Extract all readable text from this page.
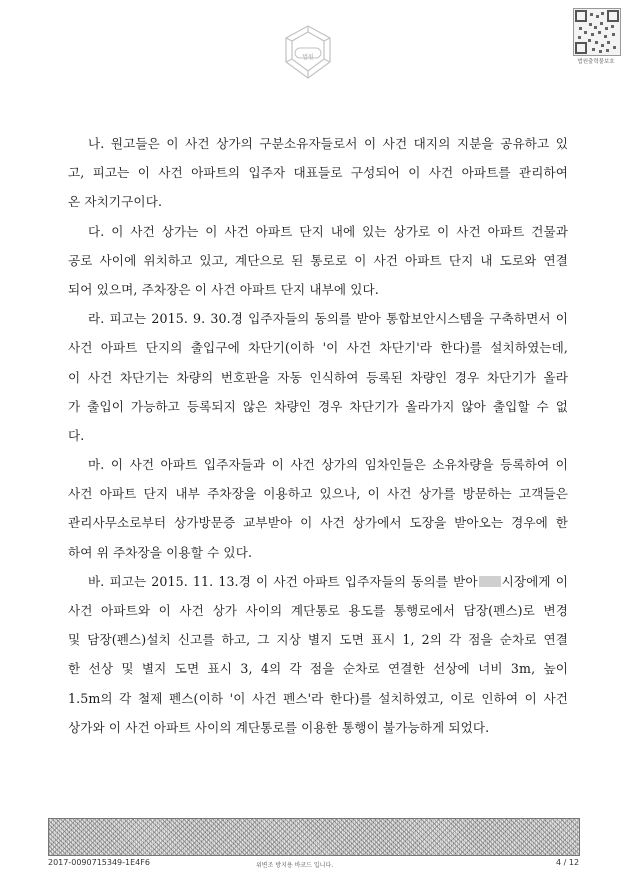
법원
법원출력물보호
나. 원고들은 이 사건 상가의 구분소유자들로서 이 사건 대지의 지분을 공유하고 있
고, 피고는 이 사건 아파트의 입주자 대표들로 구성되어 이 사건 아파트를 관리하여
온 자치기구이다.
다. 이 사건 상가는 이 사건 아파트 단지 내에 있는 상가로 이 사건 아파트 건물과
공로 사이에 위치하고 있고, 계단으로 된 통로로 이 사건 아파트 단지 내 도로와 연결
되어 있으며, 주차장은 이 사건 아파트 단지 내부에 있다.
라. 피고는 2015. 9. 30.경 입주자들의 동의를 받아 통합보안시스템을 구축하면서 이
사건 아파트 단지의 출입구에 차단기(이하 '이 사건 차단기'라 한다)를 설치하였는데,
이 사건 차단기는 차량의 번호판을 자동 인식하여 등록된 차량인 경우 차단기가 올라
가 출입이 가능하고 등록되지 않은 차량인 경우 차단기가 올라가지 않아 출입할 수 없
다.
마. 이 사건 아파트 입주자들과 이 사건 상가의 임차인들은 소유차량을 등록하여 이
사건 아파트 단지 내부 주차장을 이용하고 있으나, 이 사건 상가를 방문하는 고객들은
관리사무소로부터 상가방문증 교부받아 이 사건 상가에서 도장을 받아오는 경우에 한
하여 위 주차장을 이용할 수 있다.
바. 피고는 2015. 11. 13.경 이 사건 아파트 입주자들의 동의를 받아 시장에게 이
사건 아파트와 이 사건 상가 사이의 계단통로 용도를 통행로에서 담장(펜스)로 변경
및 담장(펜스)설치 신고를 하고, 그 지상 별지 도면 표시 1, 2의 각 점을 순차로 연결
한 선상 및 별지 도면 표시 3, 4의 각 점을 순차로 연결한 선상에 너비 3m, 높이
1.5m의 각 철제 펜스(이하 '이 사건 펜스'라 한다)를 설치하였고, 이로 인하여 이 사건
상가와 이 사건 아파트 사이의 계단통로를 이용한 통행이 불가능하게 되었다.
2017-0090715349-1E4F6	위변조 방지용 바코드 입니다.	4 / 12
